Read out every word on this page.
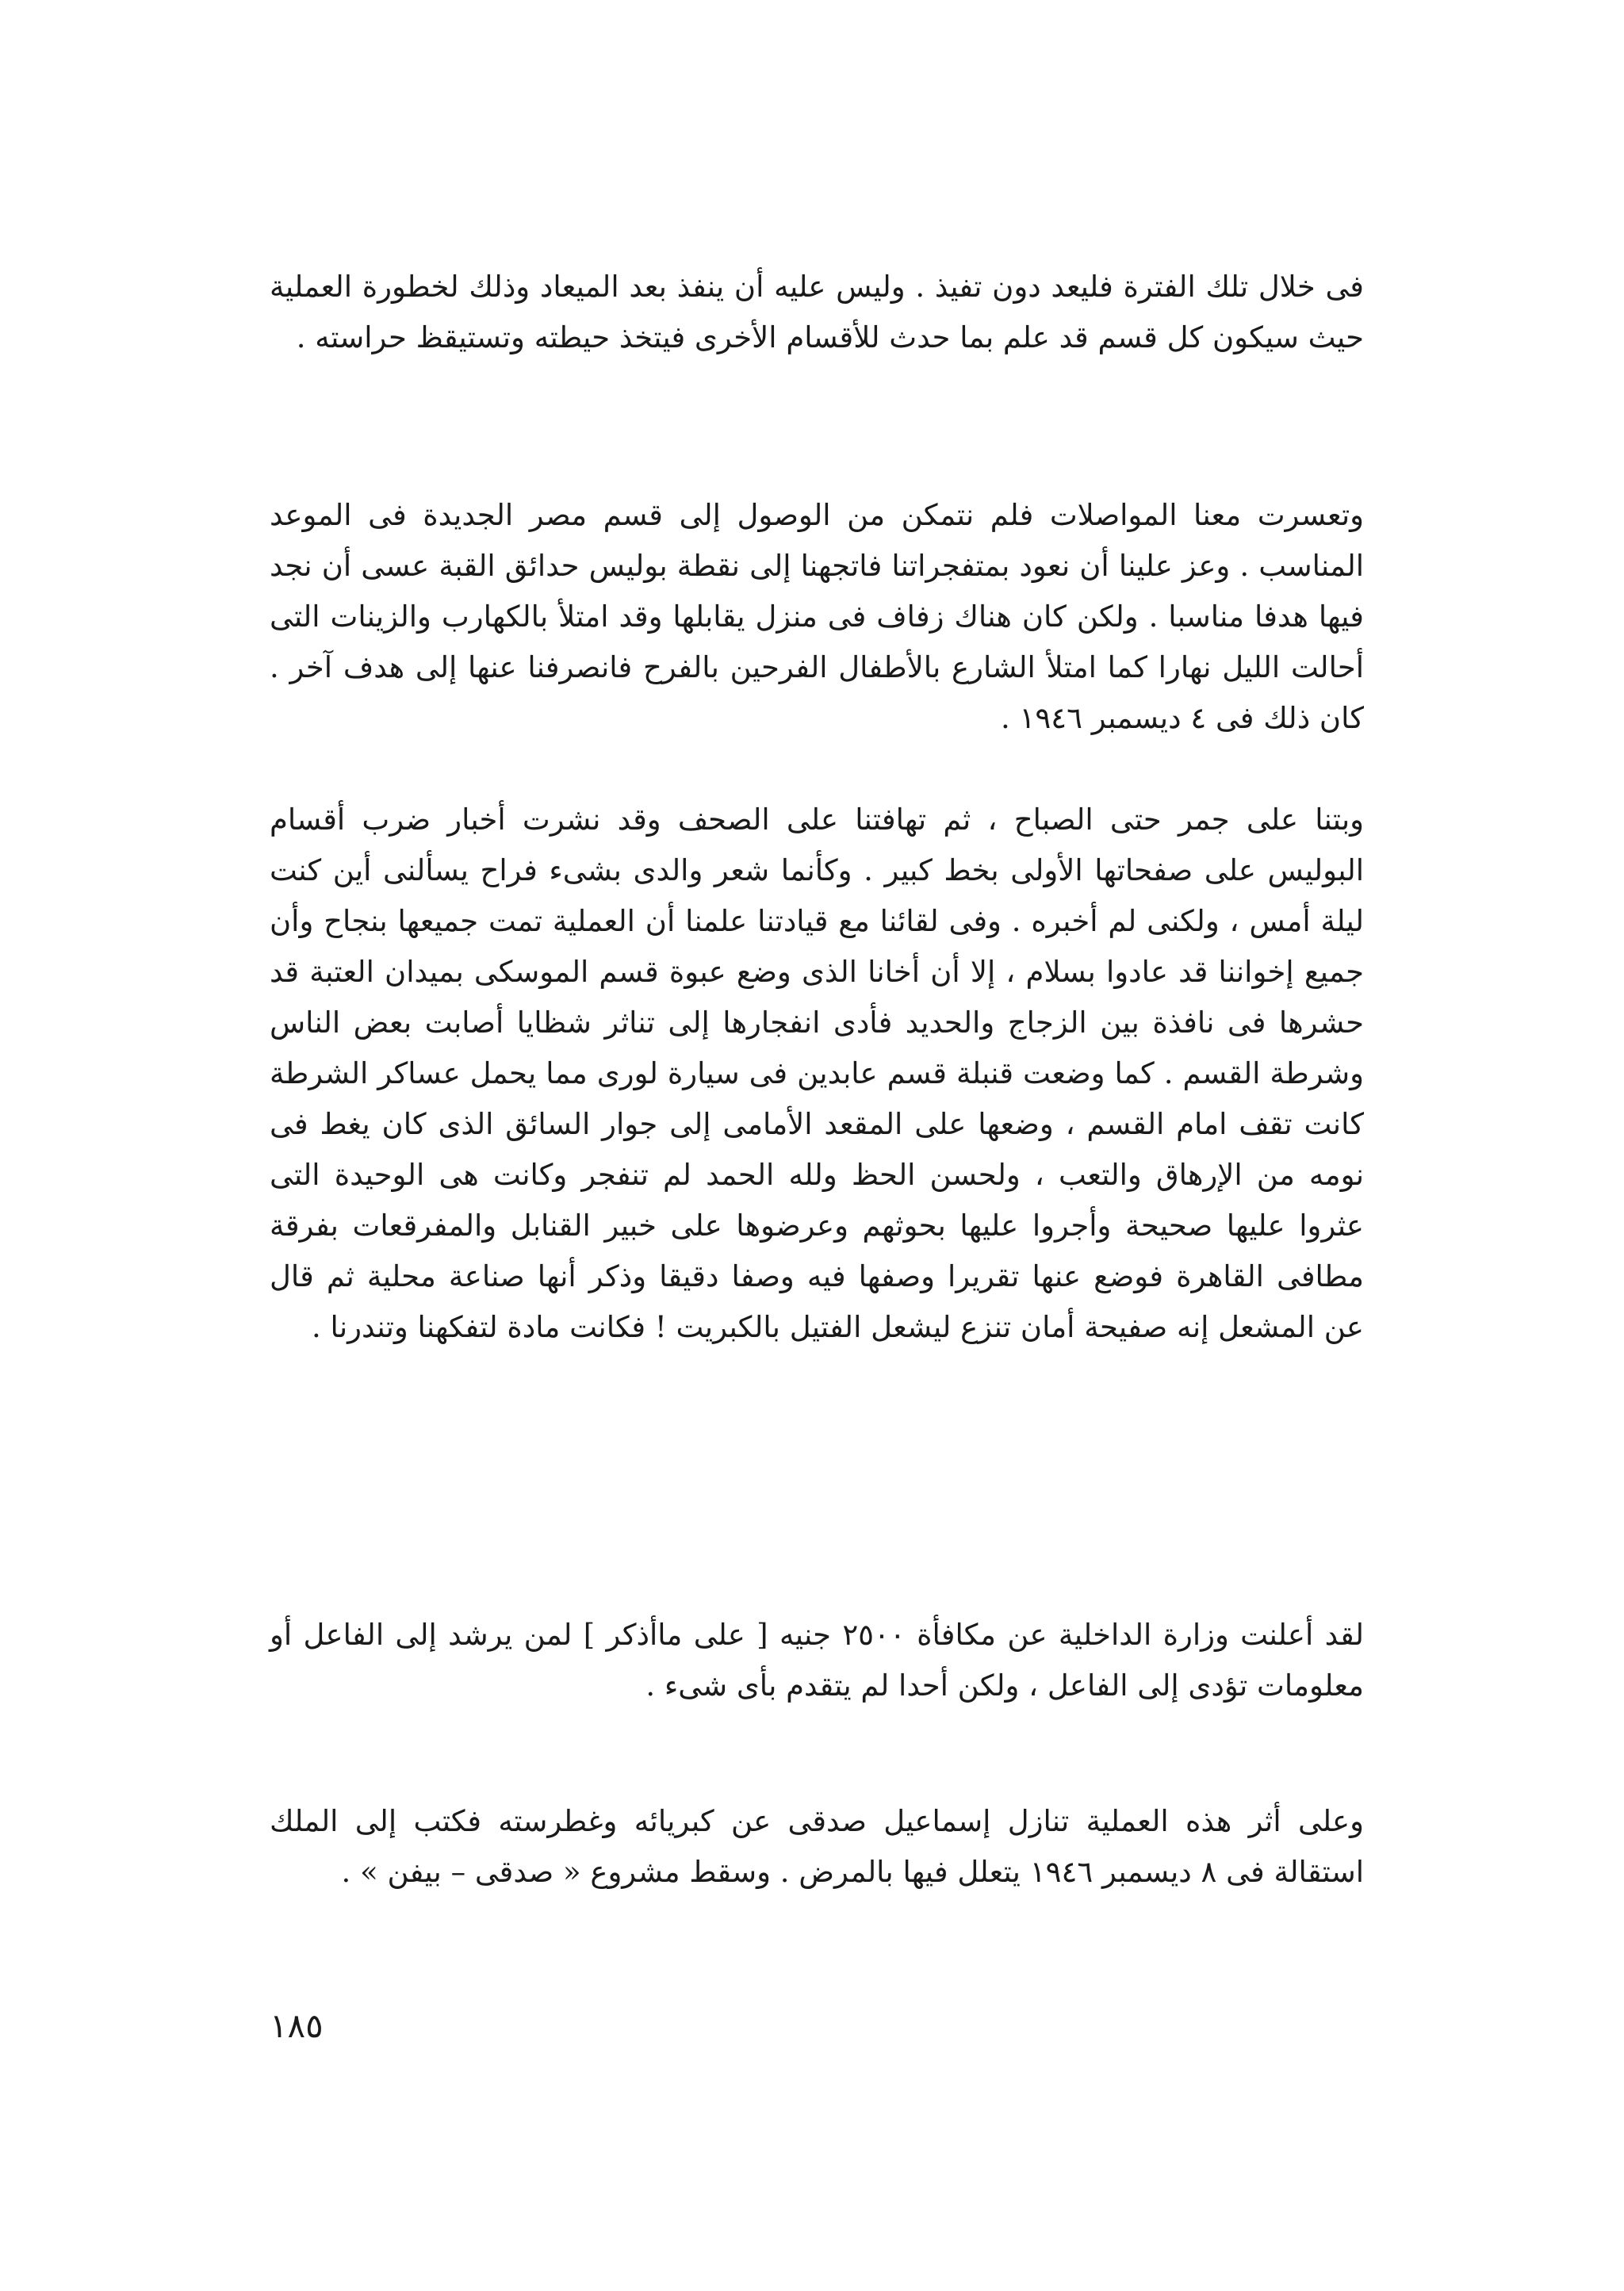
فى خلال تلك الفترة فليعد دون تفيذ . وليس عليه أن ينفذ بعد الميعاد وذلك لخطورة العملية حيث سيكون كل قسم قد علم بما حدث للأقسام الأخرى فيتخذ حيطته وتستيقظ حراسته .

وتعسرت معنا المواصلات فلم نتمكن من الوصول إلى قسم مصر الجديدة فى الموعد المناسب . وعز علينا أن نعود بمتفجراتنا فاتجهنا إلى نقطة بوليس حدائق القبة عسى أن نجد فيها هدفا مناسبا . ولكن كان هناك زفاف فى منزل يقابلها وقد امتلأ بالكهارب والزينات التى أحالت الليل نهارا كما امتلأ الشارع بالأطفال الفرحين بالفرح فانصرفنا عنها إلى هدف آخر . كان ذلك فى ٤ ديسمبر ١٩٤٦ .

وبتنا على جمر حتى الصباح ، ثم تهافتنا على الصحف وقد نشرت أخبار ضرب أقسام البوليس على صفحاتها الأولى بخط كبير . وكأنما شعر والدى بشىء فراح يسألنى أين كنت ليلة أمس ، ولكنى لم أخبره . وفى لقائنا مع قيادتنا علمنا أن العملية تمت جميعها بنجاح وأن جميع إخواننا قد عادوا بسلام ، إلا أن أخانا الذى وضع عبوة قسم الموسكى بميدان العتبة قد حشرها فى نافذة بين الزجاج والحديد فأدى انفجارها إلى تناثر شظايا أصابت بعض الناس وشرطة القسم . كما وضعت قنبلة قسم عابدين فى سيارة لورى مما يحمل عساكر الشرطة كانت تقف امام القسم ، وضعها على المقعد الأمامى إلى جوار السائق الذى كان يغط فى نومه من الإرهاق والتعب ، ولحسن الحظ ولله الحمد لم تنفجر وكانت هى الوحيدة التى عثروا عليها صحيحة وأجروا عليها بحوثهم وعرضوها على خبير القنابل والمفرقعات بفرقة مطافى القاهرة فوضع عنها تقريرا وصفها فيه وصفا دقيقا وذكر أنها صناعة محلية ثم قال عن المشعل إنه صفيحة أمان تنزع ليشعل الفتيل بالكبريت ! فكانت مادة لتفكهنا وتندرنا .

لقد أعلنت وزارة الداخلية عن مكافأة ٢٥٠٠ جنيه [ على ماأذكر ] لمن يرشد إلى الفاعل أو معلومات تؤدى إلى الفاعل ، ولكن أحدا لم يتقدم بأى شىء .

وعلى أثر هذه العملية تنازل إسماعيل صدقى عن كبريائه وغطرسته فكتب إلى الملك استقالة فى ٨ ديسمبر ١٩٤٦ يتعلل فيها بالمرض . وسقط مشروع « صدقى – بيفن » .

١٨٥
